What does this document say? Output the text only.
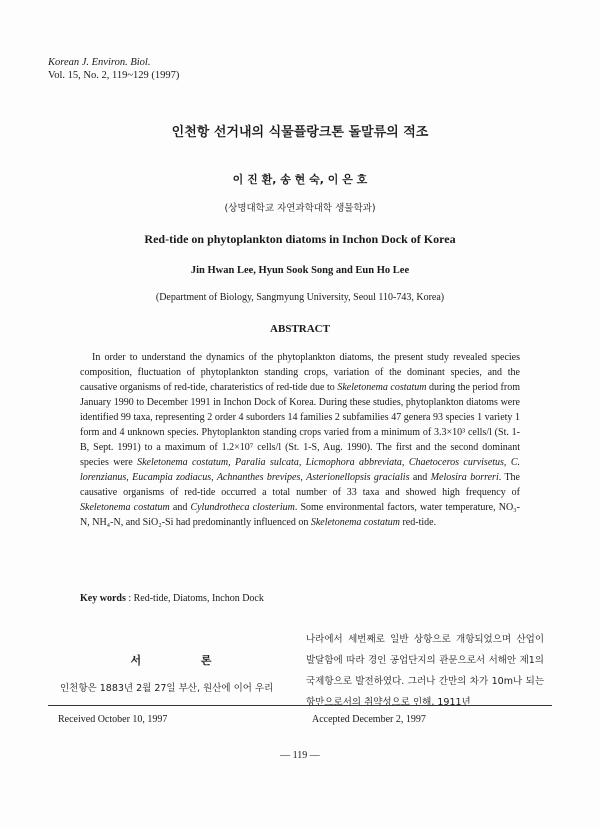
Korean J. Environ. Biol.
Vol. 15, No. 2, 119~129 (1997)
인천항 선거내의 식물플랑크톤 돌말류의 적조
이 진 환, 송 현 숙, 이 은 호
(상명대학교 자연과학대학 생물학과)
Red-tide on phytoplankton diatoms in Inchon Dock of Korea
Jin Hwan Lee, Hyun Sook Song and Eun Ho Lee
(Department of Biology, Sangmyung University, Seoul 110-743, Korea)
ABSTRACT

In order to understand the dynamics of the phytoplankton diatoms, the present study revealed species composition, fluctuation of phytoplankton standing crops, variation of the dominant species, and the causative organisms of red-tide, charateristics of red-tide due to Skeletonema costatum during the period from January 1990 to December 1991 in Inchon Dock of Korea. During these studies, phytoplankton diatoms were identified 99 taxa, representing 2 order 4 suborders 14 families 2 subfamilies 47 genera 93 species 1 variety 1 form and 4 unknown species. Phytoplankton standing crops varied from a minimum of 3.3×10³ cells/l (St. 1-B, Sept. 1991) to a maximum of 1.2×10⁷ cells/l (St. 1-S, Aug. 1990). The first and the second dominant species were Skeletonema costatum, Paralia sulcata, Licmophora abbreviata, Chaetoceros curvisetus, C. lorenzianus, Eucampia zodiacus, Achnanthes brevipes, Asterionellopsis gracialis and Melosira borreri. The causative organisms of red-tide occurred a total number of 33 taxa and showed high frequency of Skeletonema costatum and Cylundrotheca closterium. Some environmental factors, water temperature, NO₃-N, NH₄-N, and SiO₂-Si had predominantly influenced on Skeletonema costatum red-tide.

Key words : Red-tide, Diatoms, Inchon Dock
서 론
인천항은 1883년 2월 27일 부산, 원산에 이어 우리
나라에서 세번째로 일반 상항으로 개항되었으며 산업이 발달함에 따라 경인 공업단지의 관문으로서 서해안 제1의 국제항으로 발전하였다. 그러나 간만의 차가 10m나 되는 항만으로서의 취약성으로 인해, 1911년
Received October 10, 1997	Accepted December 2, 1997
— 119 —
